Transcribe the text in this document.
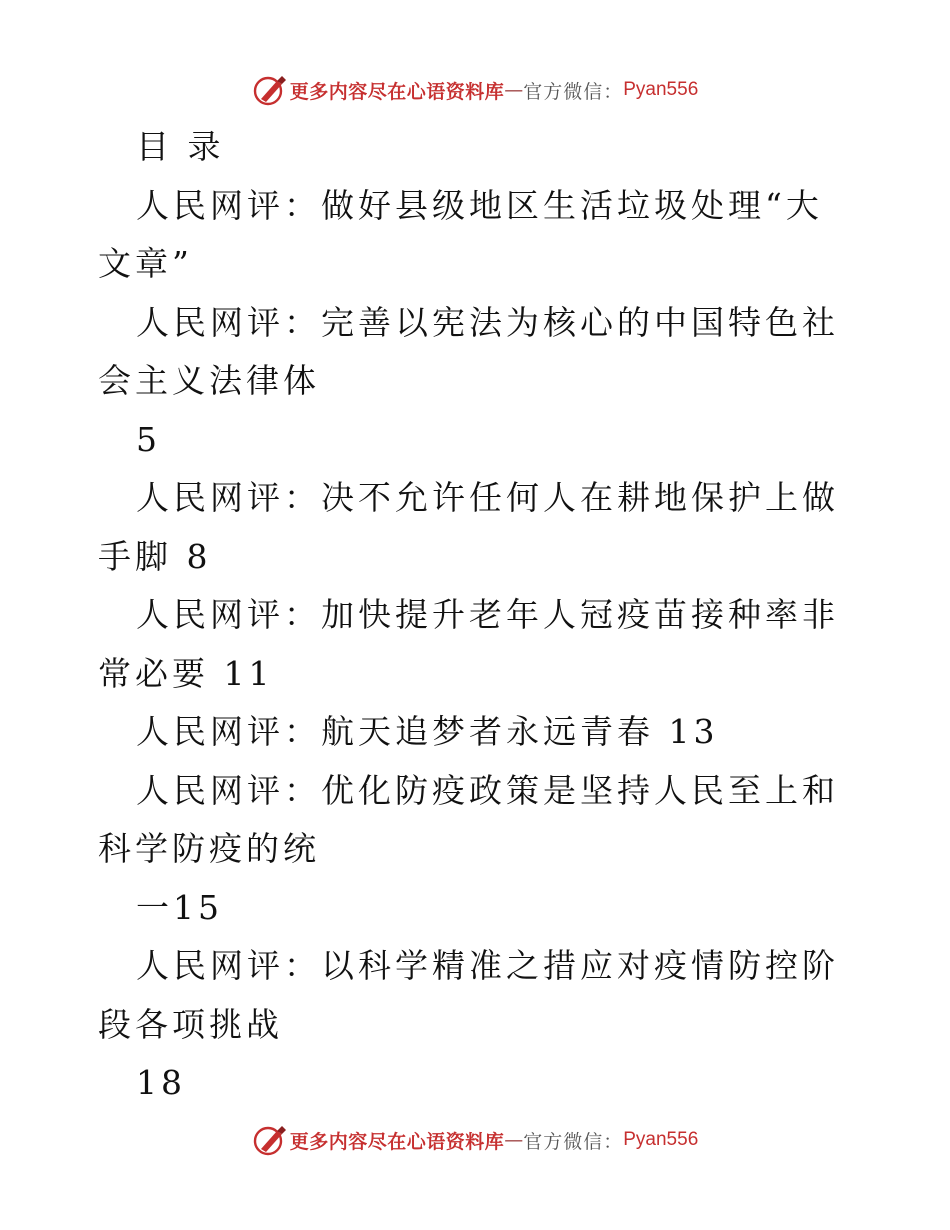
更多内容尽在心语资料库 — 官方微信： Pyan556

目 录

人民网评：做好县级地区生活垃圾处理“大文章”

人民网评：完善以宪法为核心的中国特色社会主义法律体

5

人民网评：决不允许任何人在耕地保护上做手脚 8

人民网评：加快提升老年人冠疫苗接种率非常必要 11

人民网评：航天追梦者永远青春 13

人民网评：优化防疫政策是坚持人民至上和科学防疫的统

一15

人民网评：以科学精准之措应对疫情防控阶段各项挑战

18

更多内容尽在心语资料库 — 官方微信： Pyan556
